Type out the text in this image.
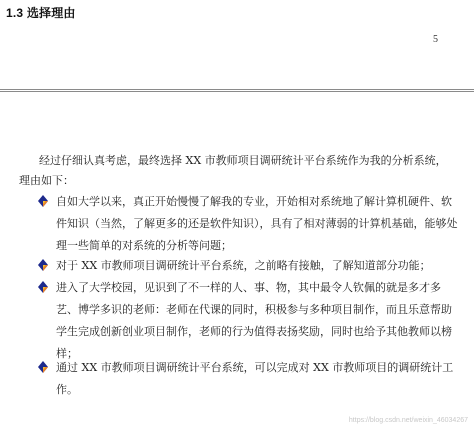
1.3 选择理由
5
经过仔细认真考虑，最终选择 XX 市教师项目调研统计平台系统作为我的分析系统，
理由如下：
自如大学以来，真正开始慢慢了解我的专业，开始相对系统地了解计算机硬件、软件知识（当然，了解更多的还是软件知识），具有了相对薄弱的计算机基础，能够处理一些简单的对系统的分析等问题；
对于 XX 市教师项目调研统计平台系统，之前略有接触，了解知道部分功能；
进入了大学校园，见识到了不一样的人、事、物，其中最令人钦佩的就是多才多艺、博学多识的老师：老师在代课的同时，积极参与多种项目制作，而且乐意帮助学生完成创新创业项目制作，老师的行为值得表扬奖励，同时也给予其他教师以榜样；
通过 XX 市教师项目调研统计平台系统，可以完成对 XX 市教师项目的调研统计工作。
https://blog.csdn.net/weixin_46034267
